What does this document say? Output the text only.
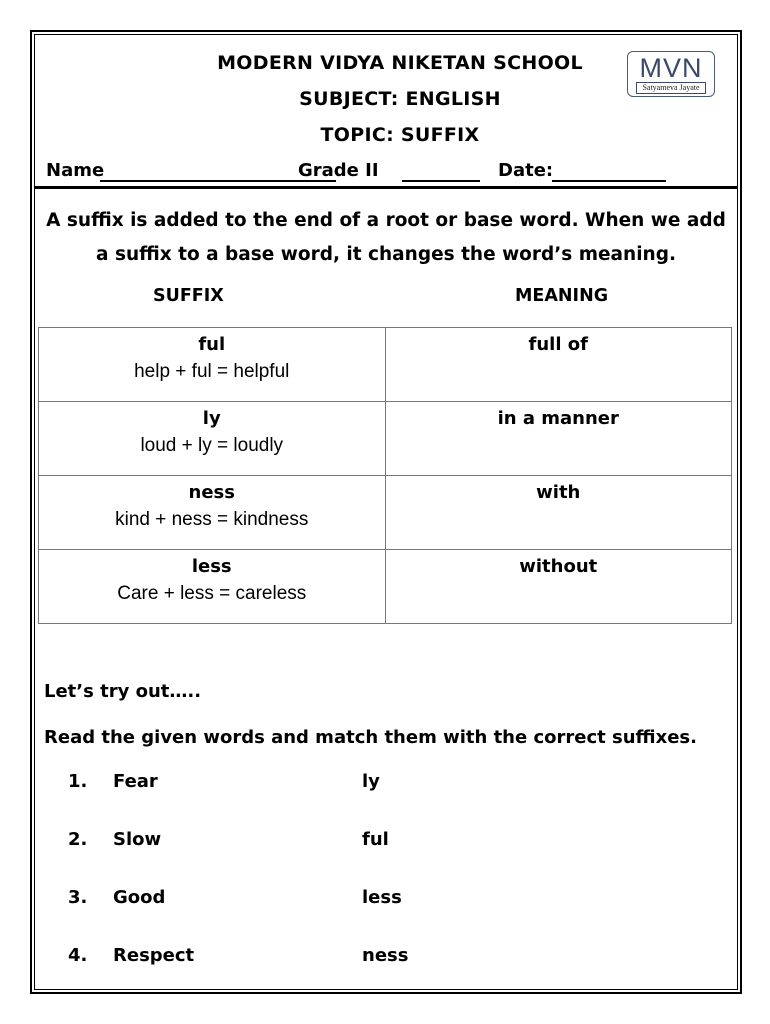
MODERN VIDYA NIKETAN SCHOOL
SUBJECT: ENGLISH
TOPIC: SUFFIX
MVN
Satyameva Jayate
Name	Grade II	Date:
A suffix is added to the end of a root or base word. When we add
a suffix to a base word, it changes the word’s meaning.
SUFFIX	MEANING
ful
help + ful = helpful	full of

ly
loud + ly = loudly	in a manner

ness
kind + ness = kindness	with

less
Care + less = careless	without
Let’s try out…..
Read the given words and match them with the correct suffixes.
1. Fear	ly
2. Slow	ful
3. Good	less
4. Respect	ness
